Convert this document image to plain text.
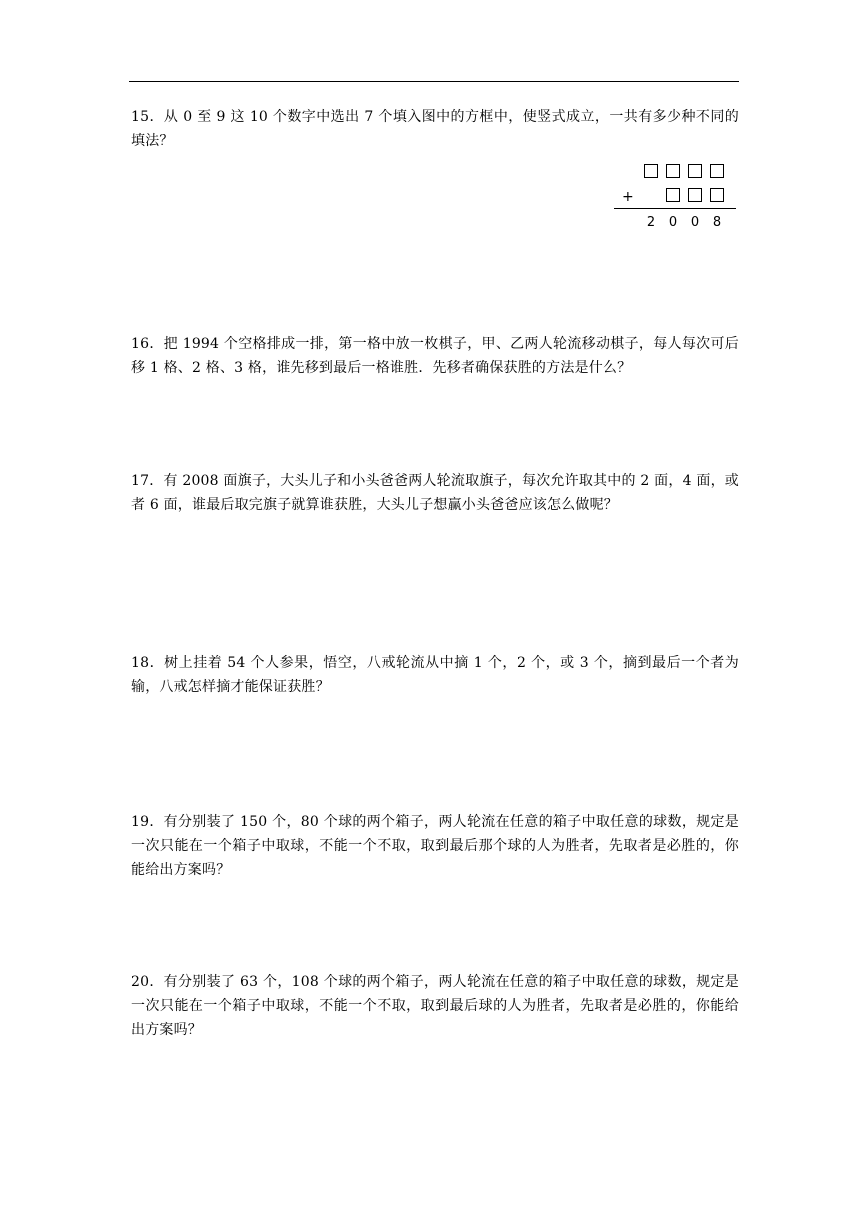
15．从 0 至 9 这 10 个数字中选出 7 个填入图中的方框中，使竖式成立，一共有多少种不同的填法？

+
2 0 0 8

16．把 1994 个空格排成一排，第一格中放一枚棋子，甲、乙两人轮流移动棋子，每人每次可后移 1 格、2 格、3 格，谁先移到最后一格谁胜．先移者确保获胜的方法是什么？

17．有 2008 面旗子，大头儿子和小头爸爸两人轮流取旗子，每次允许取其中的 2 面，4 面，或者 6 面，谁最后取完旗子就算谁获胜，大头儿子想赢小头爸爸应该怎么做呢？

18．树上挂着 54 个人参果，悟空，八戒轮流从中摘 1 个，2 个，或 3 个，摘到最后一个者为输，八戒怎样摘才能保证获胜？

19．有分别装了 150 个，80 个球的两个箱子，两人轮流在任意的箱子中取任意的球数，规定是一次只能在一个箱子中取球，不能一个不取，取到最后那个球的人为胜者，先取者是必胜的，你能给出方案吗？

20．有分别装了 63 个，108 个球的两个箱子，两人轮流在任意的箱子中取任意的球数，规定是一次只能在一个箱子中取球，不能一个不取，取到最后球的人为胜者，先取者是必胜的，你能给出方案吗？
